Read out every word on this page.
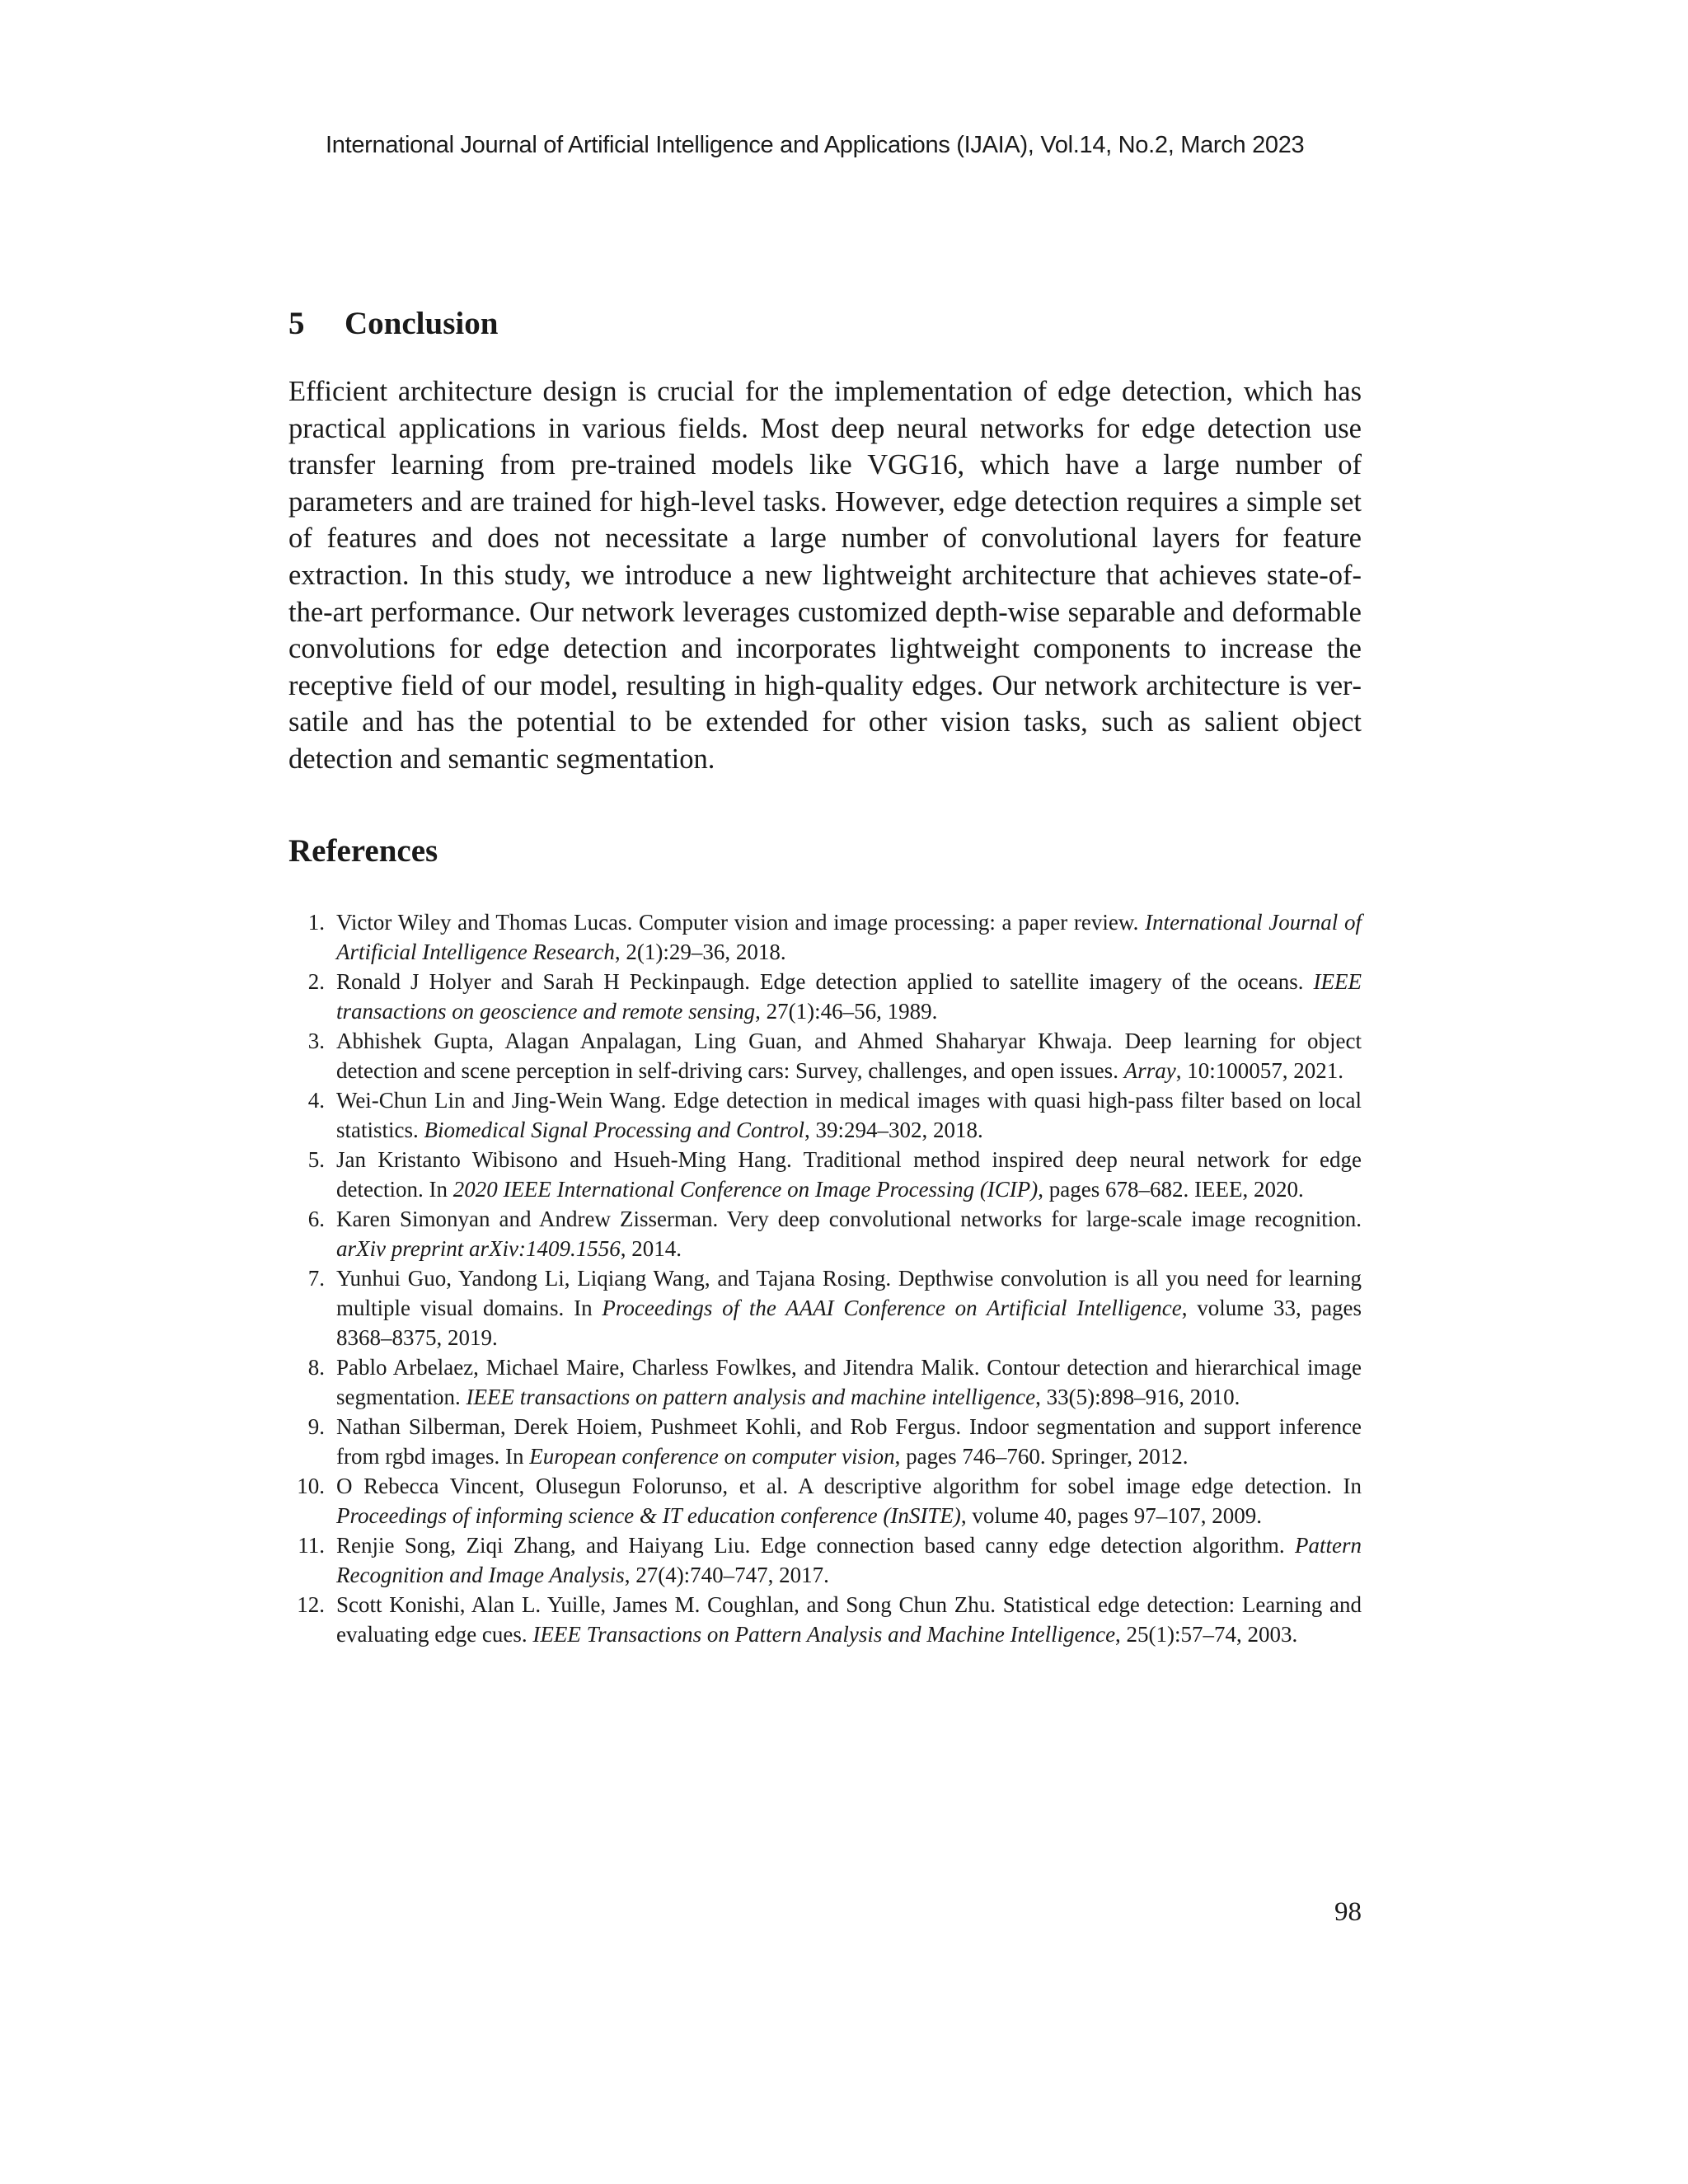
International Journal of Artificial Intelligence and Applications (IJAIA), Vol.14, No.2, March 2023
5 Conclusion

Efficient architecture design is crucial for the implementation of edge detection, which has practical applications in various fields. Most deep neural networks for edge detection use transfer learning from pre-trained models like VGG16, which have a large number of parameters and are trained for high-level tasks. However, edge detection requires a simple set of features and does not necessitate a large number of convolutional layers for feature extraction. In this study, we introduce a new lightweight architecture that achieves state-of-the-art performance. Our network leverages customized depth-wise separable and deformable convolutions for edge detection and incorporates lightweight components to increase the receptive field of our model, resulting in high-quality edges. Our network architecture is versatile and has the potential to be extended for other vision tasks, such as salient object detection and semantic segmentation.

References
1. Victor Wiley and Thomas Lucas. Computer vision and image processing: a paper review. International Journal of Artificial Intelligence Research, 2(1):29–36, 2018.
2. Ronald J Holyer and Sarah H Peckinpaugh. Edge detection applied to satellite imagery of the oceans. IEEE transactions on geoscience and remote sensing, 27(1):46–56, 1989.
3. Abhishek Gupta, Alagan Anpalagan, Ling Guan, and Ahmed Shaharyar Khwaja. Deep learning for object detection and scene perception in self-driving cars: Survey, challenges, and open issues. Array, 10:100057, 2021.
4. Wei-Chun Lin and Jing-Wein Wang. Edge detection in medical images with quasi high-pass filter based on local statistics. Biomedical Signal Processing and Control, 39:294–302, 2018.
5. Jan Kristanto Wibisono and Hsueh-Ming Hang. Traditional method inspired deep neural network for edge detection. In 2020 IEEE International Conference on Image Processing (ICIP), pages 678–682. IEEE, 2020.
6. Karen Simonyan and Andrew Zisserman. Very deep convolutional networks for large-scale image recognition. arXiv preprint arXiv:1409.1556, 2014.
7. Yunhui Guo, Yandong Li, Liqiang Wang, and Tajana Rosing. Depthwise convolution is all you need for learning multiple visual domains. In Proceedings of the AAAI Conference on Artificial Intelligence, volume 33, pages 8368–8375, 2019.
8. Pablo Arbelaez, Michael Maire, Charless Fowlkes, and Jitendra Malik. Contour detection and hierarchical image segmentation. IEEE transactions on pattern analysis and machine intelligence, 33(5):898–916, 2010.
9. Nathan Silberman, Derek Hoiem, Pushmeet Kohli, and Rob Fergus. Indoor segmentation and support inference from rgbd images. In European conference on computer vision, pages 746–760. Springer, 2012.
10. O Rebecca Vincent, Olusegun Folorunso, et al. A descriptive algorithm for sobel image edge detection. In Proceedings of informing science & IT education conference (InSITE), volume 40, pages 97–107, 2009.
11. Renjie Song, Ziqi Zhang, and Haiyang Liu. Edge connection based canny edge detection algorithm. Pattern Recognition and Image Analysis, 27(4):740–747, 2017.
12. Scott Konishi, Alan L. Yuille, James M. Coughlan, and Song Chun Zhu. Statistical edge detection: Learning and evaluating edge cues. IEEE Transactions on Pattern Analysis and Machine Intelligence, 25(1):57–74, 2003.
98
